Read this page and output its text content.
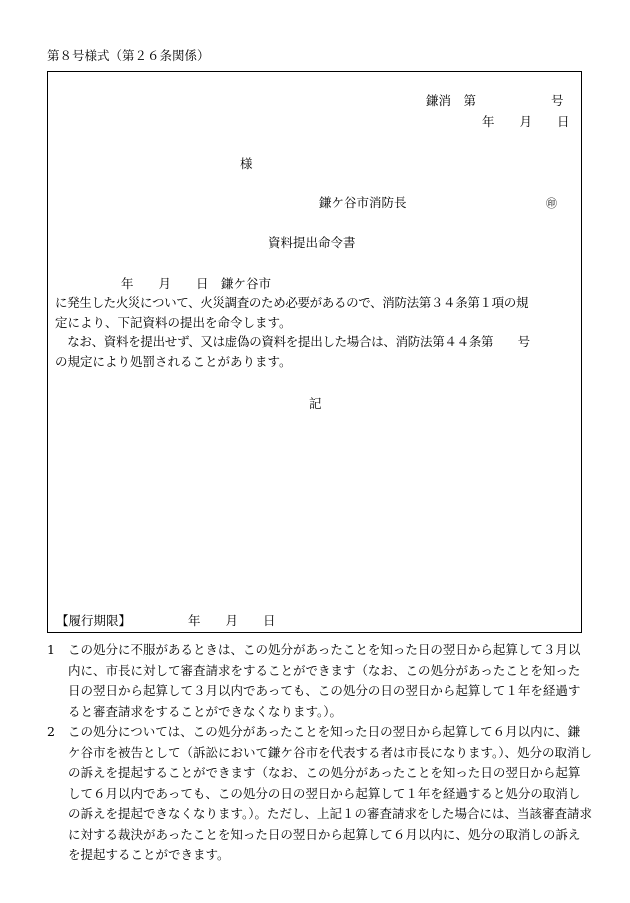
第８号様式（第２６条関係）
鎌消　第　　　　　　号
年　　月　　日
様
鎌ケ谷市消防長	㊞
資料提出命令書
年　　月　　日　鎌ケ谷市
に発生した火災について、火災調査のため必要があるので、消防法第３４条第１項の規
定により、下記資料の提出を命令します。
　なお、資料を提出せず、又は虚偽の資料を提出した場合は、消防法第４４条第　　号
の規定により処罰されることがあります。
記
【履行期限】	年　　月　　日
1	この処分に不服があるときは、この処分があったことを知った日の翌日から起算して３月以内に、市長に対して審査請求をすることができます（なお、この処分があったことを知った日の翌日から起算して３月以内であっても、この処分の日の翌日から起算して１年を経過すると審査請求をすることができなくなります。）。
2	この処分については、この処分があったことを知った日の翌日から起算して６月以内に、鎌ケ谷市を被告として（訴訟において鎌ケ谷市を代表する者は市長になります。）、処分の取消しの訴えを提起することができます（なお、この処分があったことを知った日の翌日から起算して６月以内であっても、この処分の日の翌日から起算して１年を経過すると処分の取消しの訴えを提起できなくなります。）。ただし、上記１の審査請求をした場合には、当該審査請求に対する裁決があったことを知った日の翌日から起算して６月以内に、処分の取消しの訴えを提起することができます。
